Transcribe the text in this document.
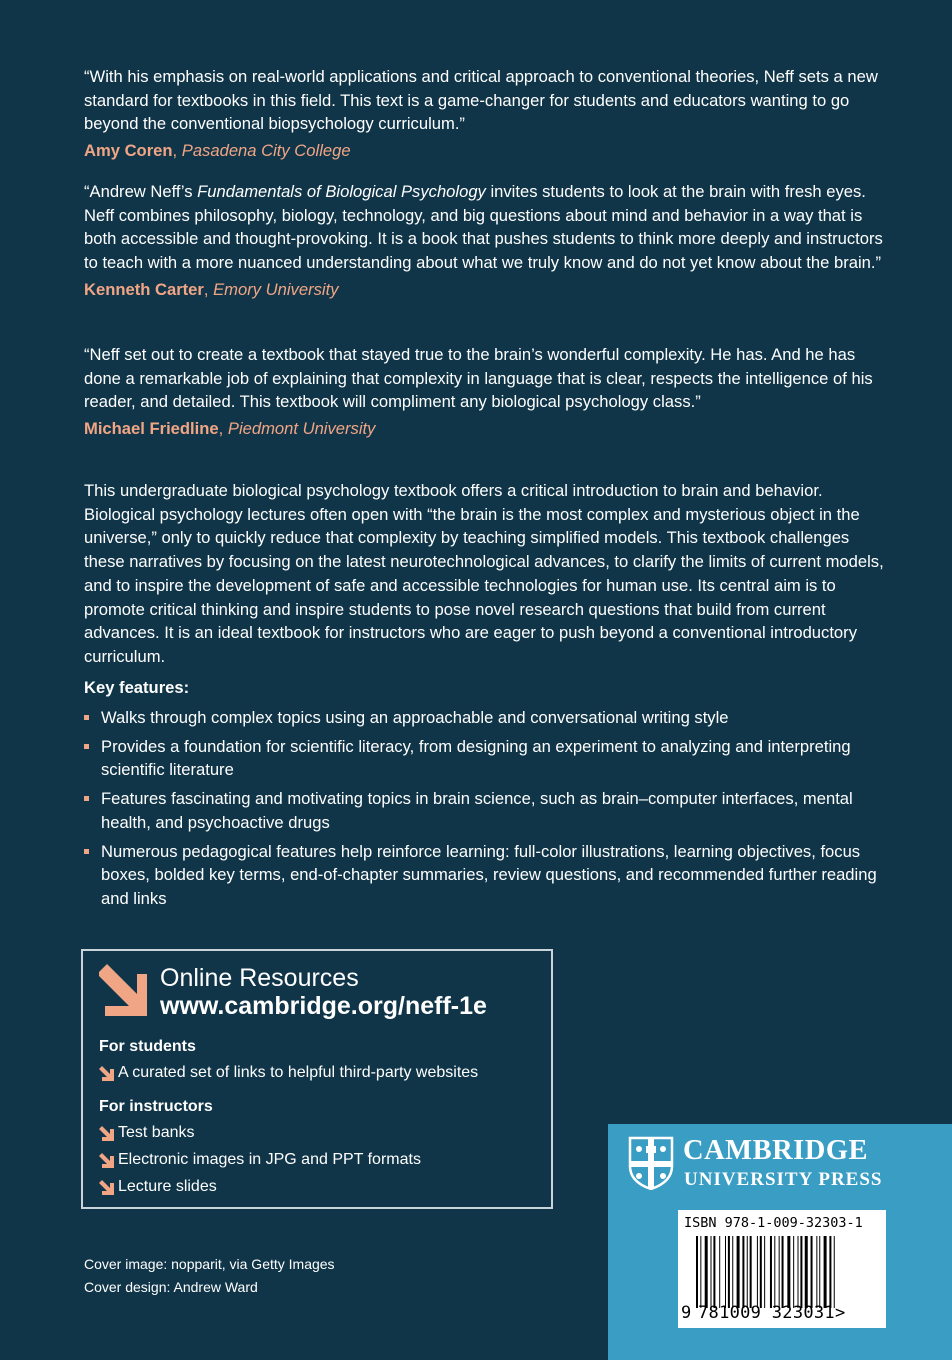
“With his emphasis on real-world applications and critical approach to conventional theories, Neff sets a new standard for textbooks in this field. This text is a game-changer for students and educators wanting to go beyond the conventional biopsychology curriculum.”

Amy Coren, Pasadena City College

“Andrew Neff’s Fundamentals of Biological Psychology invites students to look at the brain with fresh eyes. Neff combines philosophy, biology, technology, and big questions about mind and behavior in a way that is both accessible and thought-provoking. It is a book that pushes students to think more deeply and instructors to teach with a more nuanced understanding about what we truly know and do not yet know about the brain.”

Kenneth Carter, Emory University

“Neff set out to create a textbook that stayed true to the brain’s wonderful complexity. He has. And he has done a remarkable job of explaining that complexity in language that is clear, respects the intelligence of his reader, and detailed. This textbook will compliment any biological psychology class.”

Michael Friedline, Piedmont University

This undergraduate biological psychology textbook offers a critical introduction to brain and behavior. Biological psychology lectures often open with “the brain is the most complex and mysterious object in the universe,” only to quickly reduce that complexity by teaching simplified models. This textbook challenges these narratives by focusing on the latest neurotechnological advances, to clarify the limits of current models, and to inspire the development of safe and accessible technologies for human use. Its central aim is to promote critical thinking and inspire students to pose novel research questions that build from current advances. It is an ideal textbook for instructors who are eager to push beyond a conventional introductory curriculum.

Key features:
Walks through complex topics using an approachable and conversational writing style
Provides a foundation for scientific literacy, from designing an experiment to analyzing and interpreting scientific literature
Features fascinating and motivating topics in brain science, such as brain–computer interfaces, mental health, and psychoactive drugs
Numerous pedagogical features help reinforce learning: full-color illustrations, learning objectives, focus boxes, bolded key terms, end-of-chapter summaries, review questions, and recommended further reading and links
Online Resources
www.cambridge.org/neff-1e
For students
A curated set of links to helpful third-party websites
For instructors
Test banks
Electronic images in JPG and PPT formats
Lecture slides
Cover image: nopparit, via Getty Images
Cover design: Andrew Ward
CAMBRIDGE
UNIVERSITY PRESS
ISBN 978-1-009-32303-1
9 781009 323031>
